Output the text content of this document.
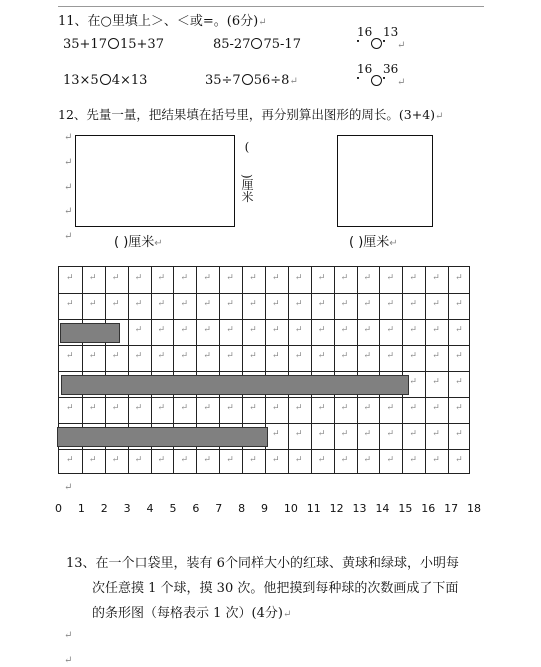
11、在○里填上＞、＜或=。(6分)↵
35+17 15+37	85-27 75-17
1
6 1
3
↵
13×5 4×13	35÷7 56÷8↵
1
6 3
6
↵
12、先量一量，把结果填在括号里，再分别算出图形的周长。(3+4)↵
↵
↵
↵
↵
↵
(
)厘米
( )厘米↵	( )厘米↵
↵ ↵ ↵ ↵ ↵ ↵ ↵ ↵ ↵ ↵ ↵ ↵ ↵ ↵ ↵ ↵ ↵ ↵
↵ ↵ ↵ ↵ ↵ ↵ ↵ ↵ ↵ ↵ ↵ ↵ ↵ ↵ ↵ ↵ ↵ ↵
↵ ↵ ↵ ↵ ↵ ↵ ↵ ↵ ↵ ↵ ↵ ↵ ↵ ↵ ↵
↵ ↵ ↵ ↵ ↵ ↵ ↵ ↵ ↵ ↵ ↵ ↵ ↵ ↵ ↵ ↵ ↵ ↵
↵ ↵ ↵
↵ ↵ ↵ ↵ ↵ ↵ ↵ ↵ ↵ ↵ ↵ ↵ ↵ ↵ ↵ ↵ ↵ ↵
↵ ↵ ↵ ↵ ↵ ↵ ↵ ↵ ↵
↵ ↵ ↵ ↵ ↵ ↵ ↵ ↵ ↵ ↵ ↵ ↵ ↵ ↵ ↵ ↵ ↵ ↵
↵
0 1 2 3 4 5 6 7 8 9 10 11 12 13 14 15 16 17 18
13、在一个口袋里，装有 6个同样大小的红球、黄球和绿球，小明每
次任意摸 1 个球，摸 30 次。他把摸到每种球的次数画成了下面
的条形图（每格表示 1 次）(4分)↵
↵
↵
